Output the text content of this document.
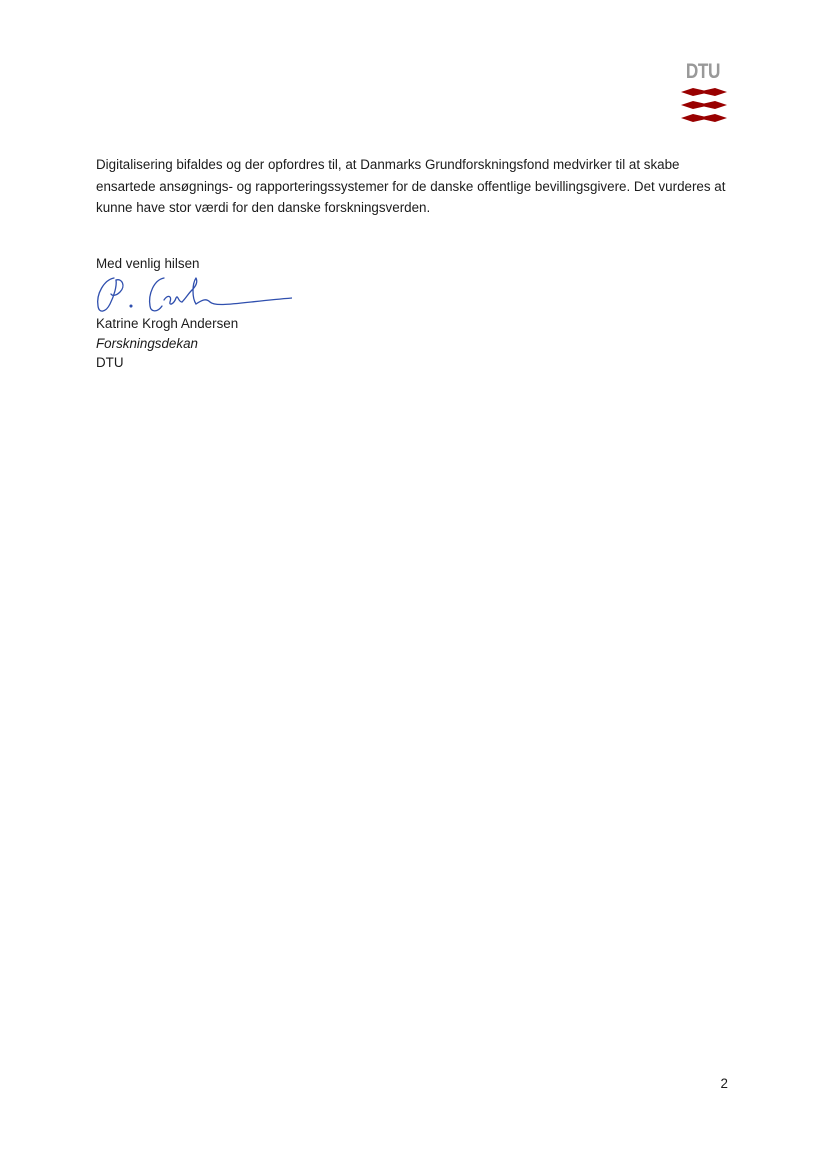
DTU

Digitalisering bifaldes og der opfordres til, at Danmarks Grundforskningsfond medvirker til at skabe ensartede ansøgnings- og rapporteringssystemer for de danske offentlige bevillingsgivere. Det vurderes at kunne have stor værdi for den danske forskningsverden.

Med venlig hilsen

Katrine Krogh Andersen
Forskningsdekan
DTU
2
